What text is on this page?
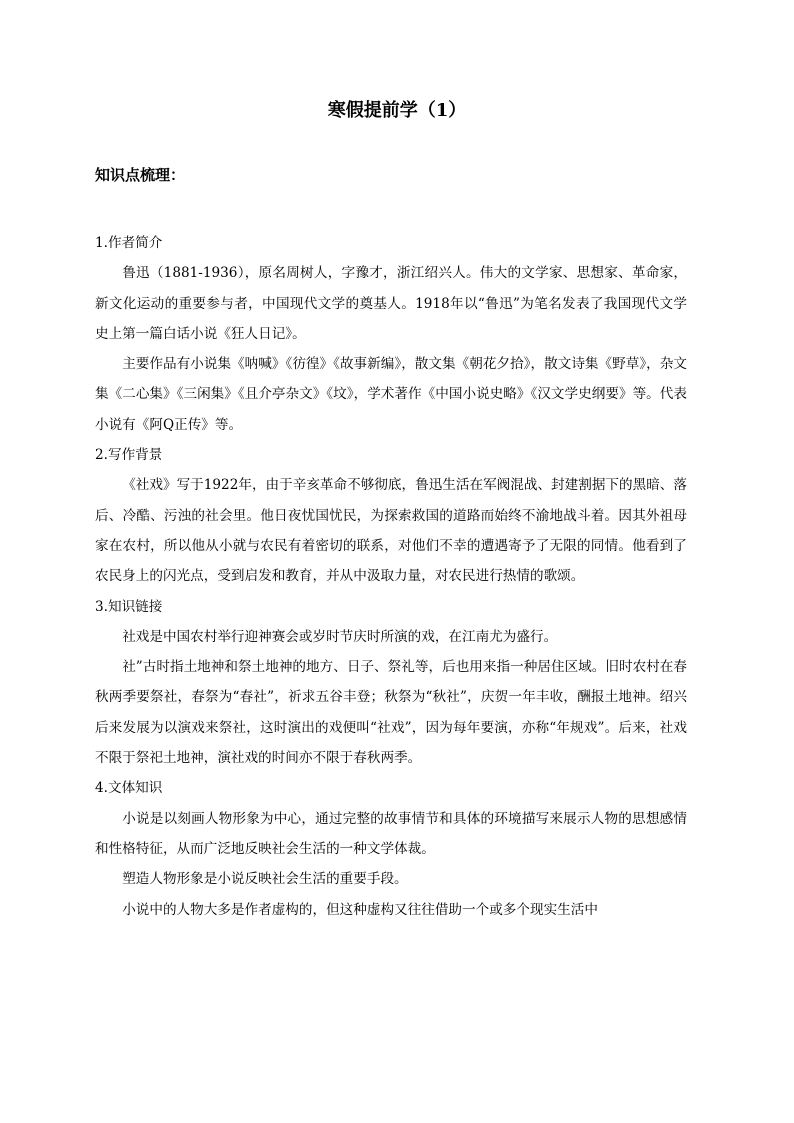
寒假提前学（1）
知识点梳理：
1.作者简介
鲁迅（1881-1936），原名周树人，字豫才，浙江绍兴人。伟大的文学家、思想家、革命家，新文化运动的重要参与者，中国现代文学的奠基人。1918年以“鲁迅”为笔名发表了我国现代文学史上第一篇白话小说《狂人日记》。
主要作品有小说集《呐喊》《彷徨》《故事新编》，散文集《朝花夕拾》，散文诗集《野草》，杂文集《二心集》《三闲集》《且介亭杂文》《坟》，学术著作《中国小说史略》《汉文学史纲要》等。代表小说有《阿Q正传》等。
2.写作背景
《社戏》写于1922年，由于辛亥革命不够彻底，鲁迅生活在军阀混战、封建割据下的黑暗、落后、冷酷、污浊的社会里。他日夜忧国忧民，为探索救国的道路而始终不渝地战斗着。因其外祖母家在农村，所以他从小就与农民有着密切的联系，对他们不幸的遭遇寄予了无限的同情。他看到了农民身上的闪光点，受到启发和教育，并从中汲取力量，对农民进行热情的歌颂。
3.知识链接
社戏是中国农村举行迎神赛会或岁时节庆时所演的戏，在江南尤为盛行。
社”古时指土地神和祭土地神的地方、日子、祭礼等，后也用来指一种居住区域。旧时农村在春秋两季要祭社，春祭为“春社”，祈求五谷丰登；秋祭为“秋社”，庆贺一年丰收，酬报土地神。绍兴后来发展为以演戏来祭社，这时演出的戏便叫“社戏”，因为每年要演，亦称“年规戏”。后来，社戏不限于祭祀土地神，演社戏的时间亦不限于春秋两季。
4.文体知识
小说是以刻画人物形象为中心，通过完整的故事情节和具体的环境描写来展示人物的思想感情和性格特征，从而广泛地反映社会生活的一种文学体裁。
塑造人物形象是小说反映社会生活的重要手段。
小说中的人物大多是作者虚构的，但这种虚构又往往借助一个或多个现实生活中
